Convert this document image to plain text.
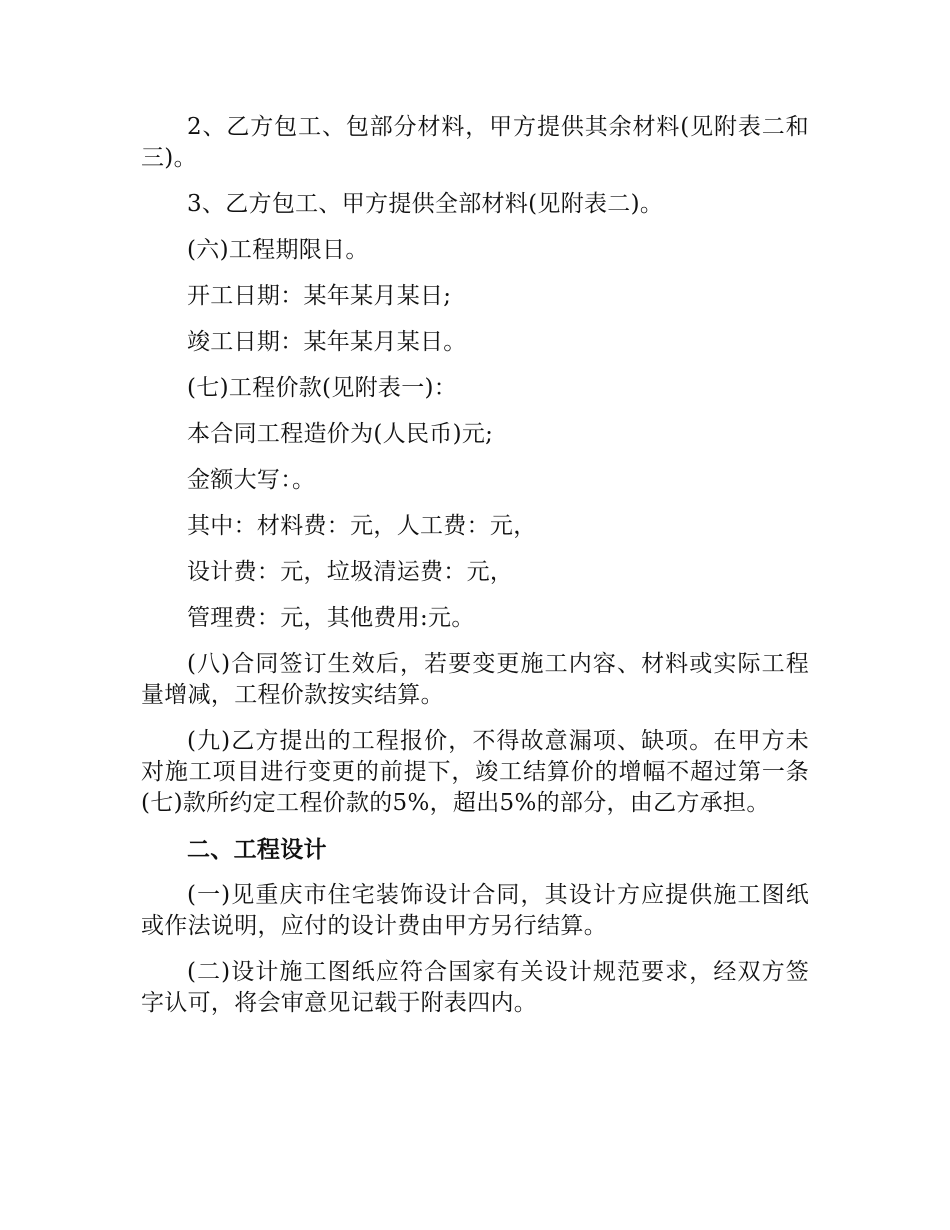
2、乙方包工、包部分材料，甲方提供其余材料(见附表二和三)。

3、乙方包工、甲方提供全部材料(见附表二)。

(六)工程期限日。

开工日期：某年某月某日;

竣工日期：某年某月某日。

(七)工程价款(见附表一)：

本合同工程造价为(人民币)元;

金额大写：。

其中：材料费：元，人工费：元，

设计费：元，垃圾清运费：元，

管理费：元，其他费用:元。

(八)合同签订生效后，若要变更施工内容、材料或实际工程量增减，工程价款按实结算。

(九)乙方提出的工程报价，不得故意漏项、缺项。在甲方未对施工项目进行变更的前提下，竣工结算价的增幅不超过第一条(七)款所约定工程价款的5%，超出5%的部分，由乙方承担。

二、工程设计

(一)见重庆市住宅装饰设计合同，其设计方应提供施工图纸或作法说明，应付的设计费由甲方另行结算。

(二)设计施工图纸应符合国家有关设计规范要求，经双方签字认可，将会审意见记载于附表四内。
